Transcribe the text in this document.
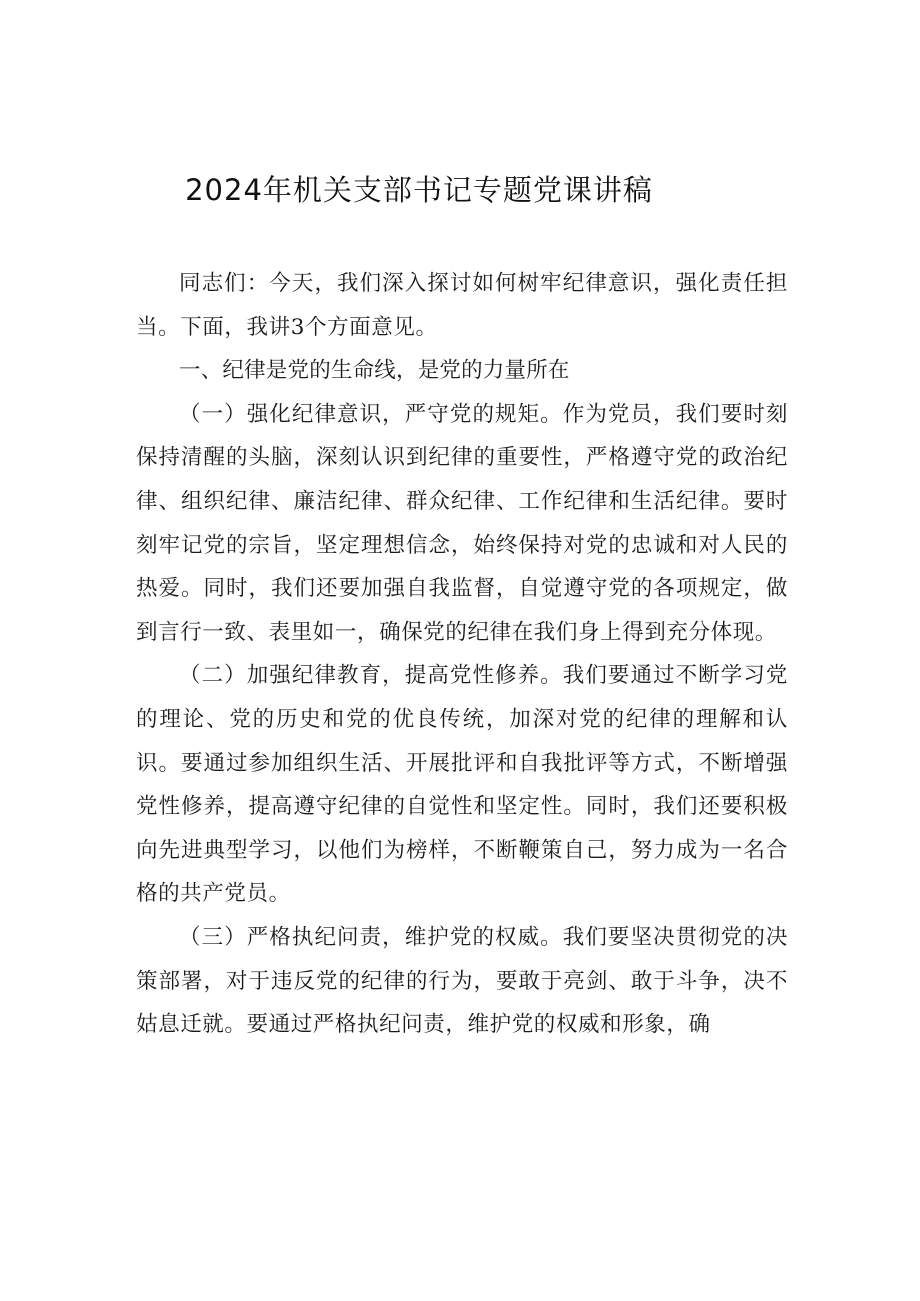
2024年机关支部书记专题党课讲稿

同志们：今天，我们深入探讨如何树牢纪律意识，强化责任担当。下面，我讲3个方面意见。

一、纪律是党的生命线，是党的力量所在

（一）强化纪律意识，严守党的规矩。作为党员，我们要时刻保持清醒的头脑，深刻认识到纪律的重要性，严格遵守党的政治纪律、组织纪律、廉洁纪律、群众纪律、工作纪律和生活纪律。要时刻牢记党的宗旨，坚定理想信念，始终保持对党的忠诚和对人民的热爱。同时，我们还要加强自我监督，自觉遵守党的各项规定，做到言行一致、表里如一，确保党的纪律在我们身上得到充分体现。

（二）加强纪律教育，提高党性修养。我们要通过不断学习党的理论、党的历史和党的优良传统，加深对党的纪律的理解和认识。要通过参加组织生活、开展批评和自我批评等方式，不断增强党性修养，提高遵守纪律的自觉性和坚定性。同时，我们还要积极向先进典型学习，以他们为榜样，不断鞭策自己，努力成为一名合格的共产党员。

（三）严格执纪问责，维护党的权威。我们要坚决贯彻党的决策部署，对于违反党的纪律的行为，要敢于亮剑、敢于斗争，决不姑息迁就。要通过严格执纪问责，维护党的权威和形象，确
